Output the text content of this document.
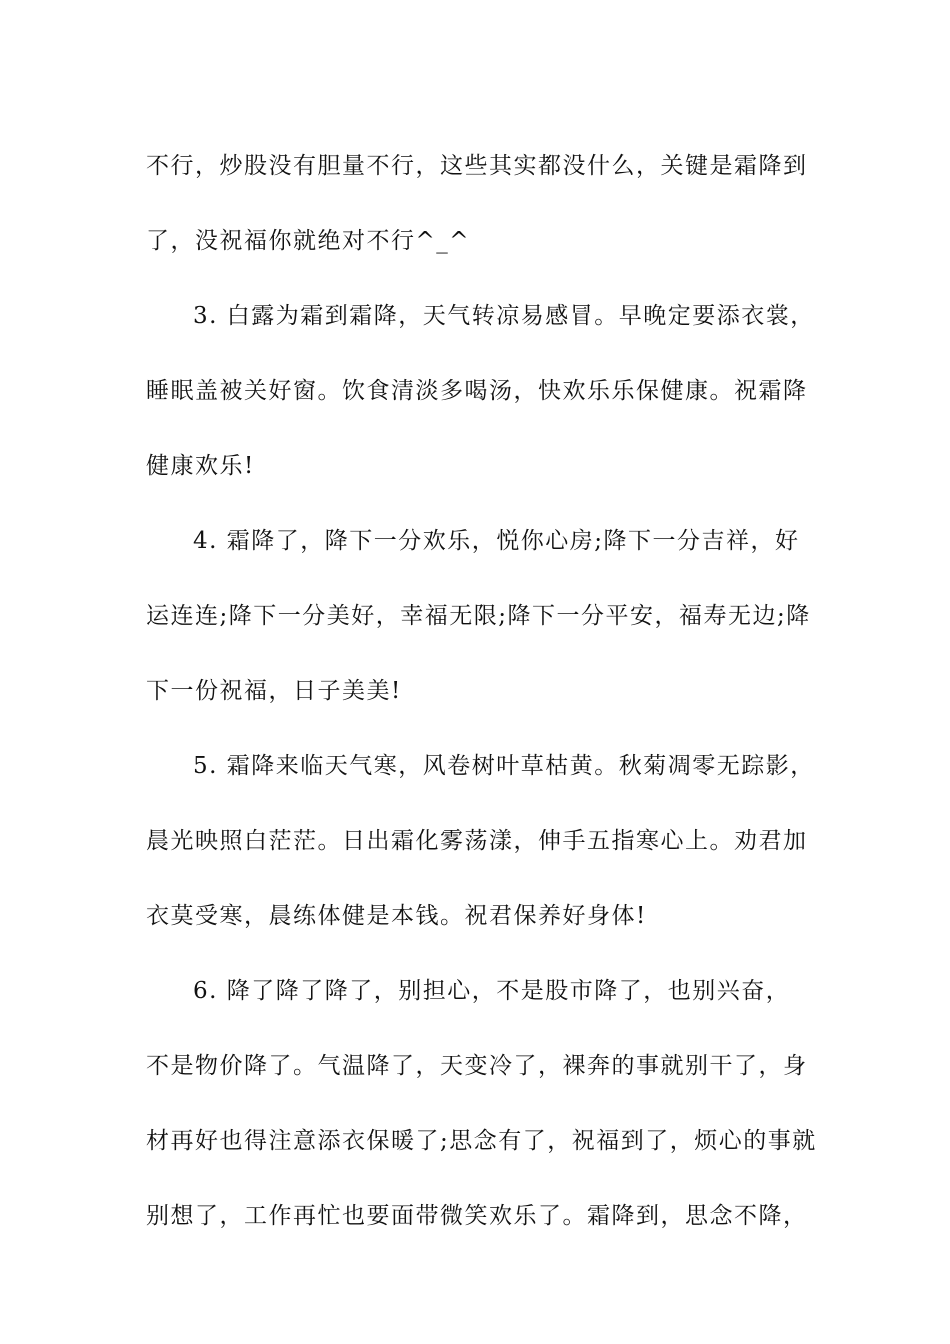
不行，炒股没有胆量不行，这些其实都没什么，关键是霜降到
了，没祝福你就绝对不行^_^
3. 白露为霜到霜降，天气转凉易感冒。早晚定要添衣裳，
睡眠盖被关好窗。饮食清淡多喝汤，快欢乐乐保健康。祝霜降
健康欢乐!
4. 霜降了，降下一分欢乐，悦你心房;降下一分吉祥，好
运连连;降下一分美好，幸福无限;降下一分平安，福寿无边;降
下一份祝福，日子美美!
5. 霜降来临天气寒，风卷树叶草枯黄。秋菊凋零无踪影，
晨光映照白茫茫。日出霜化雾荡漾，伸手五指寒心上。劝君加
衣莫受寒，晨练体健是本钱。祝君保养好身体!
6. 降了降了降了，别担心，不是股市降了，也别兴奋，
不是物价降了。气温降了，天变冷了，裸奔的事就别干了，身
材再好也得注意添衣保暖了;思念有了，祝福到了，烦心的事就
别想了，工作再忙也要面带微笑欢乐了。霜降到，思念不降，
